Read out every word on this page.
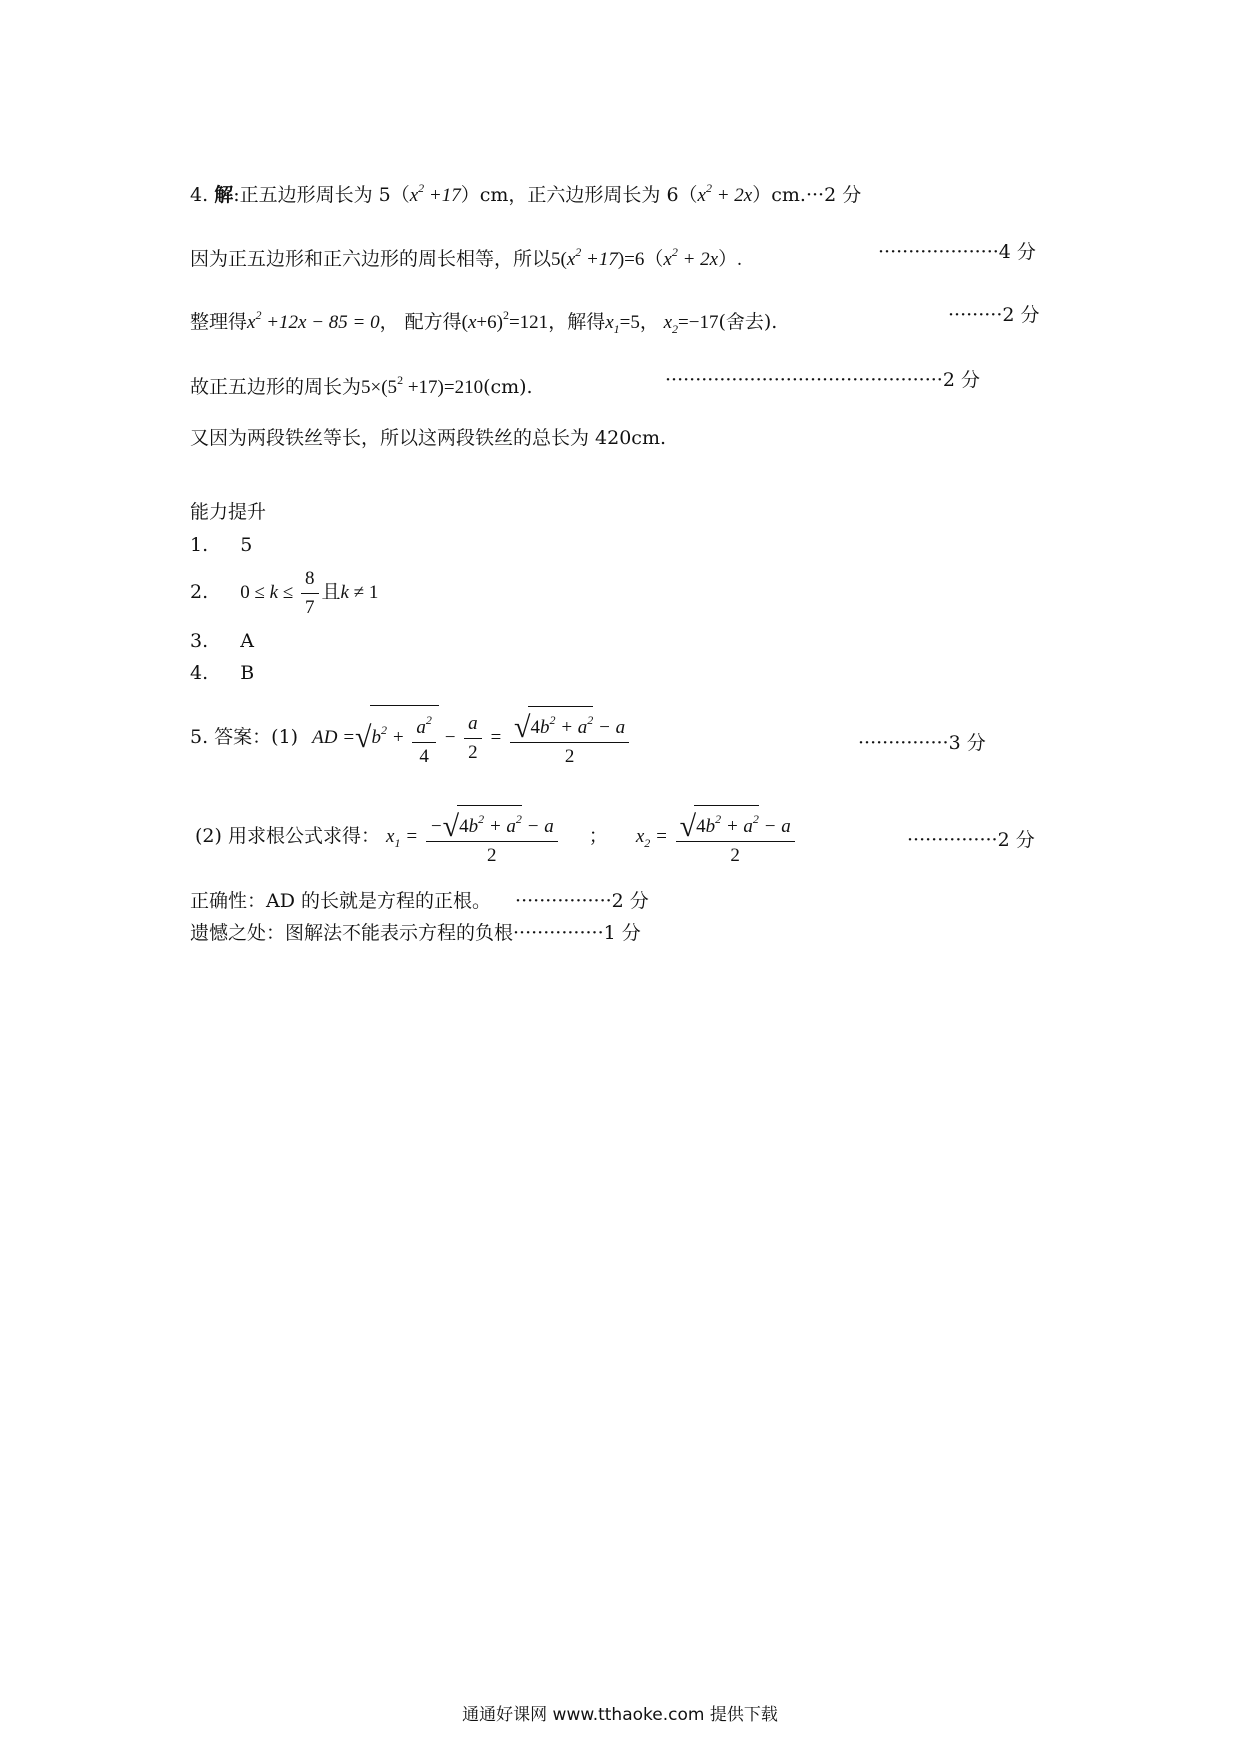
4. 解:正五边形周长为 $5(x^2 +17)cm$，正六边形周长为 $6(x^2 + 2x)cm.\cdot\cdot\cdot 2$ 分
因为正五边形和正六边形的周长相等，所以$5(x^2 +17)=6(x^2 + 2x)$.	····················4 分
整理得$x^2 +12x - 85 = 0$， 配方得$(x+6)^2=121$，解得$x_1=5$， $x_2=-17$(舍去).	·········2 分
故正五边形的周长为$5\times(5^2 +17)=210(cm)$.	··············································2 分
又因为两段铁丝等长，所以这两段铁丝的总长为 420cm.
能力提升
1. 5
2. $0 \le k \le \frac{8}{7}$ 且k ≠ 1
3. A
4. B
5. 答案：(1) AD $=√b^2 + \frac{a^2}{4} - \frac{a}{2} = \frac{√4b^2 + a^2 - a}{2}$	···············3 分
(2) 用求根公式求得： $x_1 = \frac{-√4b^2 + a^2 - a}{2}$ ； $x_2 = \frac{√4b^2 + a^2 - a}{2}$	···············2 分
正确性：AD 的长就是方程的正根。 ················2 分
遗憾之处：图解法不能表示方程的负根···············1 分
通通好课网 www.tthaoke.com 提供下载
